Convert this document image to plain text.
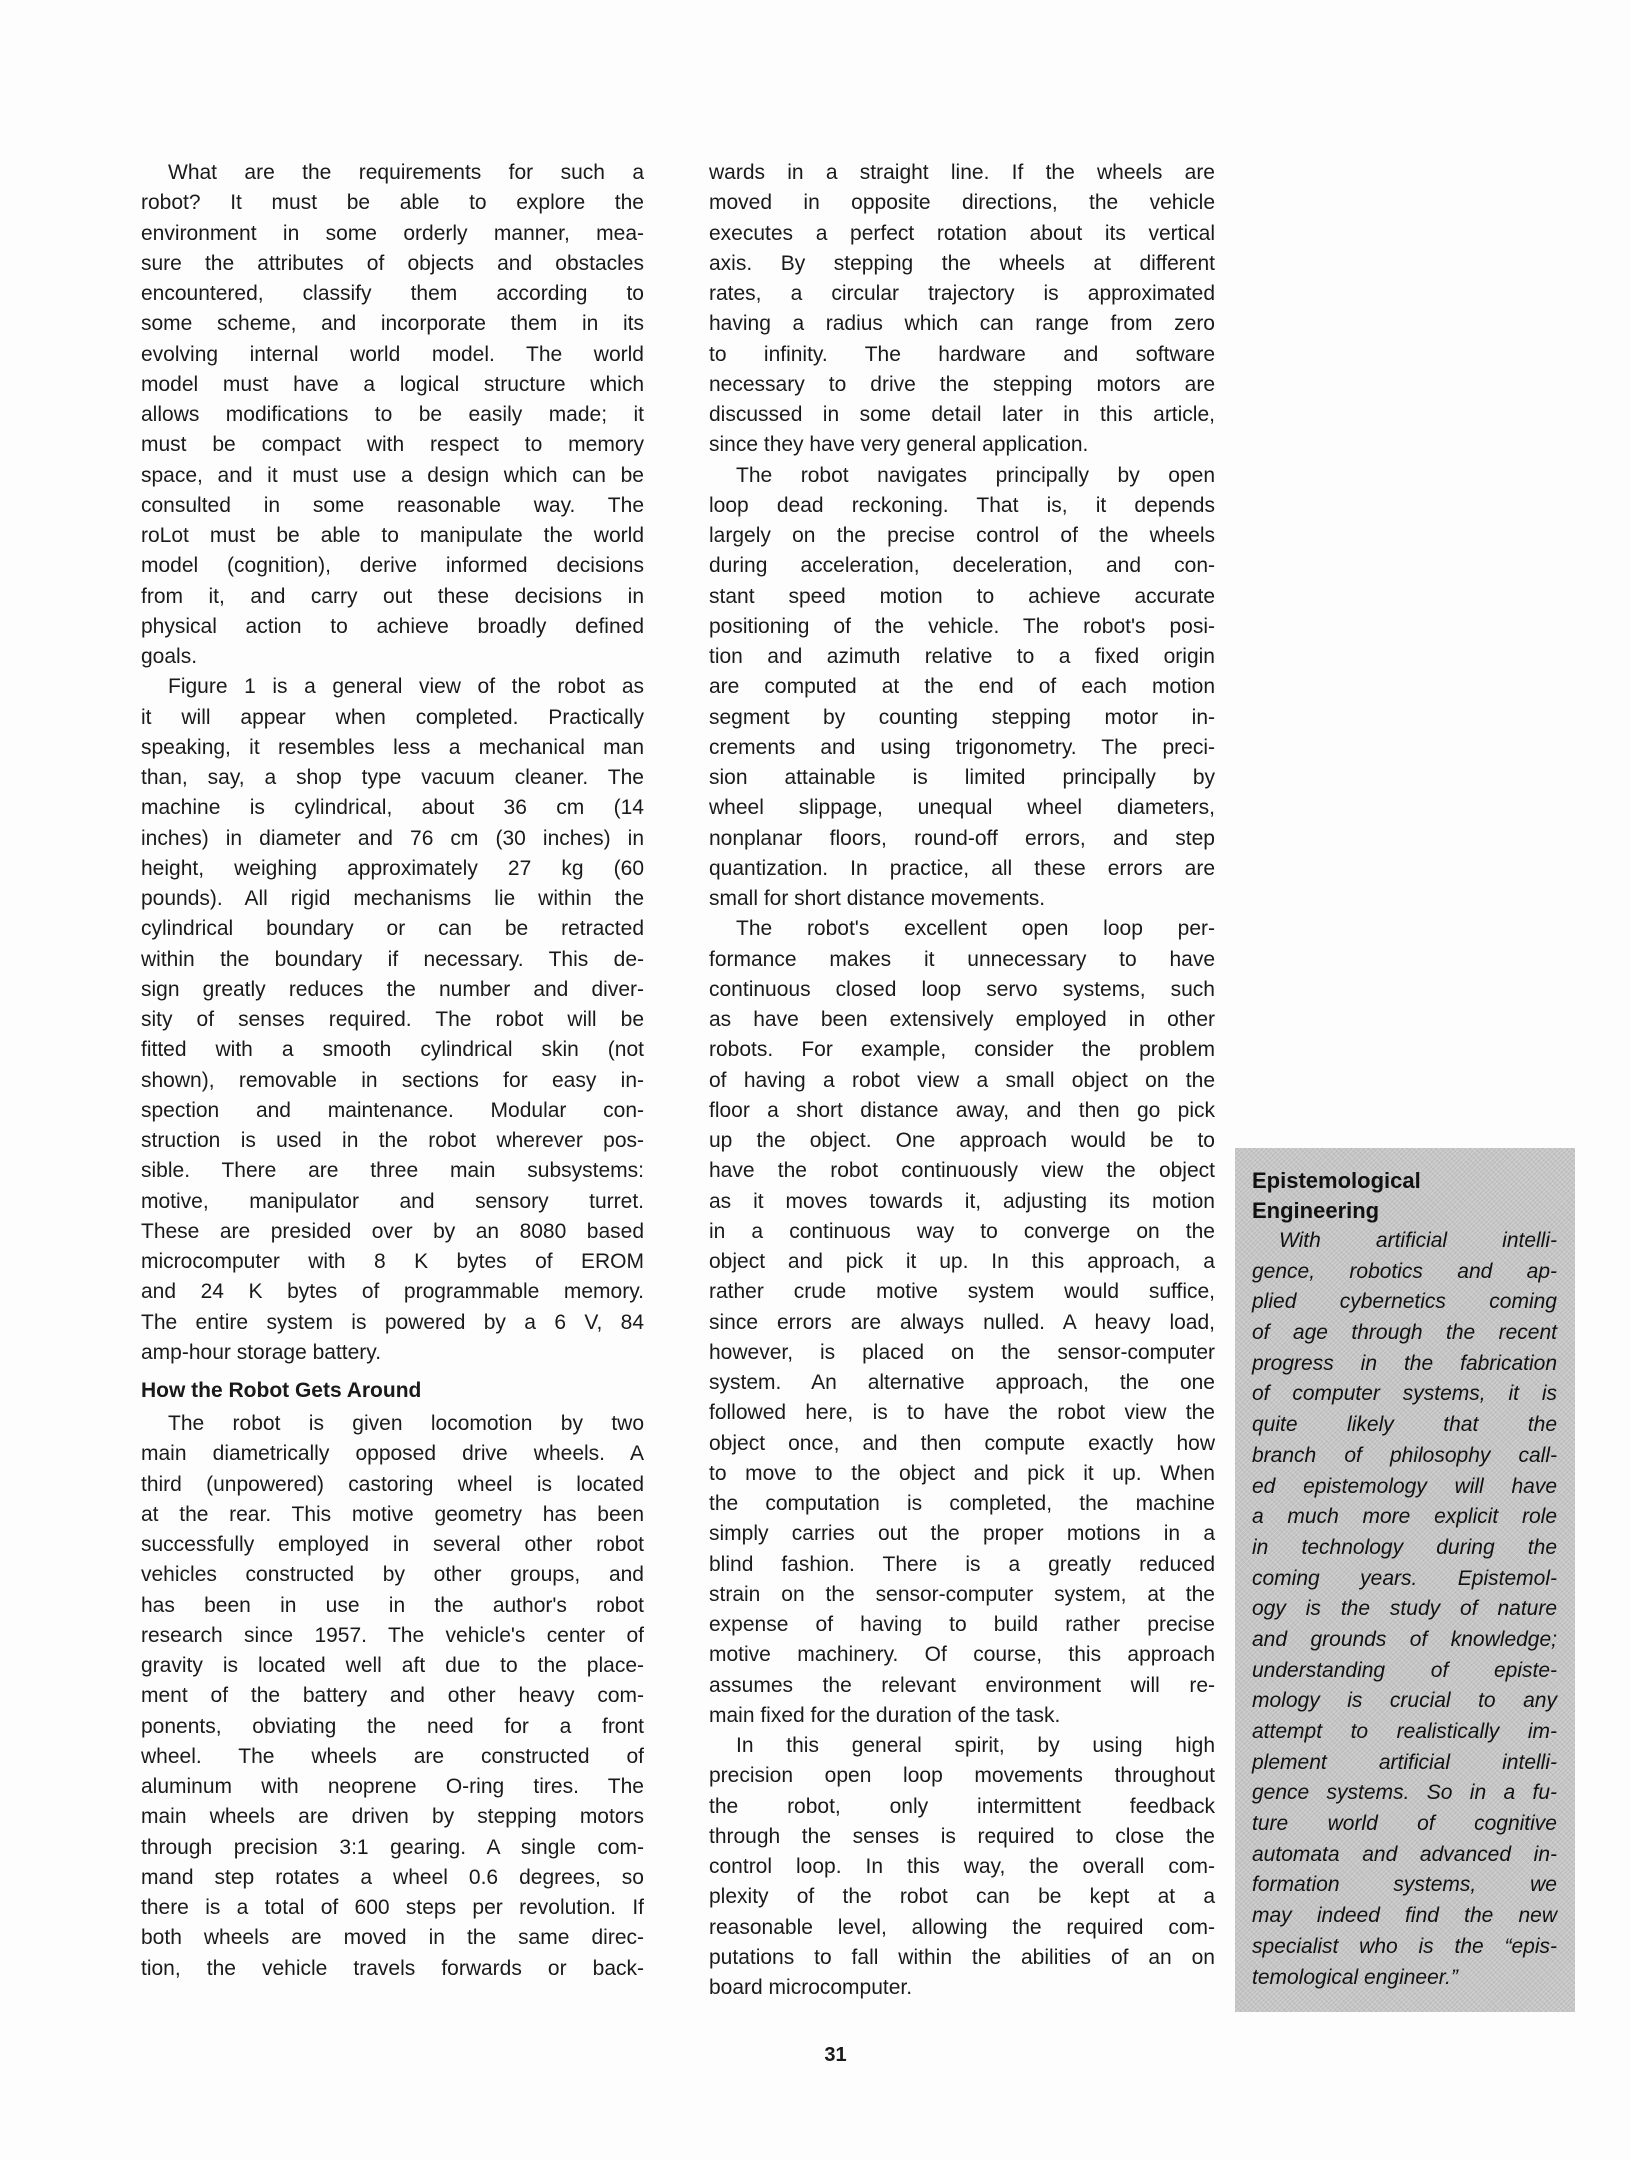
What are the requirements for such a
robot? It must be able to explore the
environment in some orderly manner, mea-
sure the attributes of objects and obstacles
encountered, classify them according to
some scheme, and incorporate them in its
evolving internal world model. The world
model must have a logical structure which
allows modifications to be easily made; it
must be compact with respect to memory
space, and it must use a design which can be
consulted in some reasonable way. The
roLot must be able to manipulate the world
model (cognition), derive informed decisions
from it, and carry out these decisions in
physical action to achieve broadly defined
goals.
Figure 1 is a general view of the robot as
it will appear when completed. Practically
speaking, it resembles less a mechanical man
than, say, a shop type vacuum cleaner. The
machine is cylindrical, about 36 cm (14
inches) in diameter and 76 cm (30 inches) in
height, weighing approximately 27 kg (60
pounds). All rigid mechanisms lie within the
cylindrical boundary or can be retracted
within the boundary if necessary. This de-
sign greatly reduces the number and diver-
sity of senses required. The robot will be
fitted with a smooth cylindrical skin (not
shown), removable in sections for easy in-
spection and maintenance. Modular con-
struction is used in the robot wherever pos-
sible. There are three main subsystems:
motive, manipulator and sensory turret.
These are presided over by an 8080 based
microcomputer with 8 K bytes of EROM
and 24 K bytes of programmable memory.
The entire system is powered by a 6 V, 84
amp-hour storage battery.
How the Robot Gets Around
The robot is given locomotion by two
main diametrically opposed drive wheels. A
third (unpowered) castoring wheel is located
at the rear. This motive geometry has been
successfully employed in several other robot
vehicles constructed by other groups, and
has been in use in the author's robot
research since 1957. The vehicle's center of
gravity is located well aft due to the place-
ment of the battery and other heavy com-
ponents, obviating the need for a front
wheel. The wheels are constructed of
aluminum with neoprene O-ring tires. The
main wheels are driven by stepping motors
through precision 3:1 gearing. A single com-
mand step rotates a wheel 0.6 degrees, so
there is a total of 600 steps per revolution. If
both wheels are moved in the same direc-
tion, the vehicle travels forwards or back-
wards in a straight line. If the wheels are
moved in opposite directions, the vehicle
executes a perfect rotation about its vertical
axis. By stepping the wheels at different
rates, a circular trajectory is approximated
having a radius which can range from zero
to infinity. The hardware and software
necessary to drive the stepping motors are
discussed in some detail later in this article,
since they have very general application.
The robot navigates principally by open
loop dead reckoning. That is, it depends
largely on the precise control of the wheels
during acceleration, deceleration, and con-
stant speed motion to achieve accurate
positioning of the vehicle. The robot's posi-
tion and azimuth relative to a fixed origin
are computed at the end of each motion
segment by counting stepping motor in-
crements and using trigonometry. The preci-
sion attainable is limited principally by
wheel slippage, unequal wheel diameters,
nonplanar floors, round-off errors, and step
quantization. In practice, all these errors are
small for short distance movements.
The robot's excellent open loop per-
formance makes it unnecessary to have
continuous closed loop servo systems, such
as have been extensively employed in other
robots. For example, consider the problem
of having a robot view a small object on the
floor a short distance away, and then go pick
up the object. One approach would be to
have the robot continuously view the object
as it moves towards it, adjusting its motion
in a continuous way to converge on the
object and pick it up. In this approach, a
rather crude motive system would suffice,
since errors are always nulled. A heavy load,
however, is placed on the sensor-computer
system. An alternative approach, the one
followed here, is to have the robot view the
object once, and then compute exactly how
to move to the object and pick it up. When
the computation is completed, the machine
simply carries out the proper motions in a
blind fashion. There is a greatly reduced
strain on the sensor-computer system, at the
expense of having to build rather precise
motive machinery. Of course, this approach
assumes the relevant environment will re-
main fixed for the duration of the task.
In this general spirit, by using high
precision open loop movements throughout
the robot, only intermittent feedback
through the senses is required to close the
control loop. In this way, the overall com-
plexity of the robot can be kept at a
reasonable level, allowing the required com-
putations to fall within the abilities of an on
board microcomputer.
Epistemological
Engineering
With artificial intelli-
gence, robotics and ap-
plied cybernetics coming
of age through the recent
progress in the fabrication
of computer systems, it is
quite likely that the
branch of philosophy call-
ed epistemology will have
a much more explicit role
in technology during the
coming years. Epistemol-
ogy is the study of nature
and grounds of knowledge;
understanding of episte-
mology is crucial to any
attempt to realistically im-
plement artificial intelli-
gence systems. So in a fu-
ture world of cognitive
automata and advanced in-
formation systems, we
may indeed find the new
specialist who is the “epis-
temological engineer.”
31
